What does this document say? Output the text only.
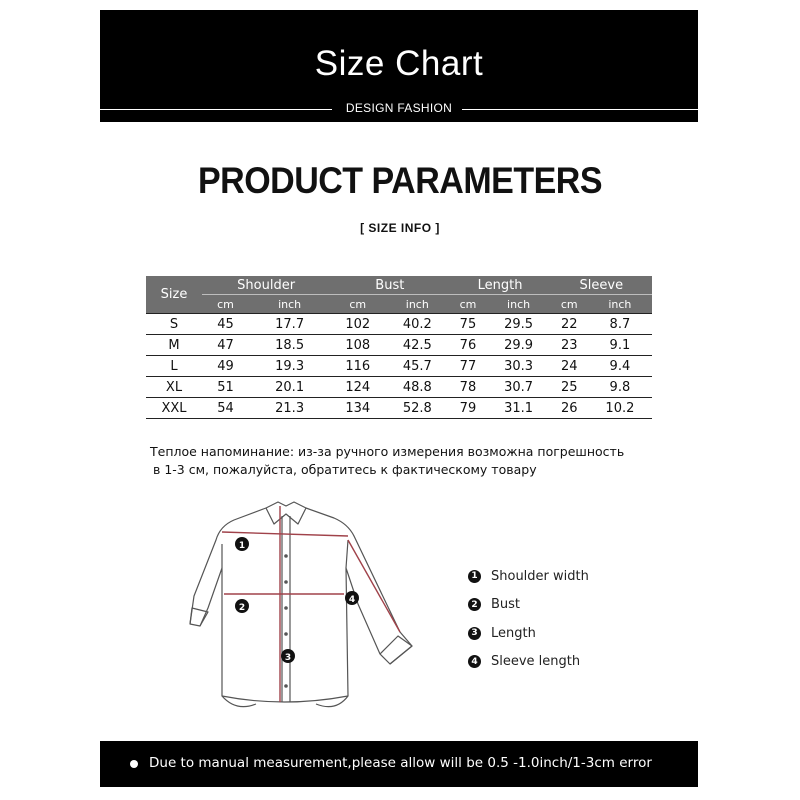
Size Chart
DESIGN FASHION
PRODUCT PARAMETERS
[ SIZE INFO ]
Size	Shoulder		Bust		Length		Sleeve	
	cm	inch	cm	inch	cm	inch	cm	inch
S	45	17.7	102	40.2	75	29.5	22	8.7
M	47	18.5	108	42.5	76	29.9	23	9.1
L	49	19.3	116	45.7	77	30.3	24	9.4
XL	51	20.1	124	48.8	78	30.7	25	9.8
XXL	54	21.3	134	52.8	79	31.1	26	10.2
Теплое напоминание: из-за ручного измерения возможна погрешность
в 1-3 см, пожалуйста, обратитесь к фактическому товару
1
2
3
4
1 Shoulder width
2 Bust
3 Length
4 Sleeve length
Due to manual measurement,please allow will be 0.5 -1.0inch/1-3cm error
